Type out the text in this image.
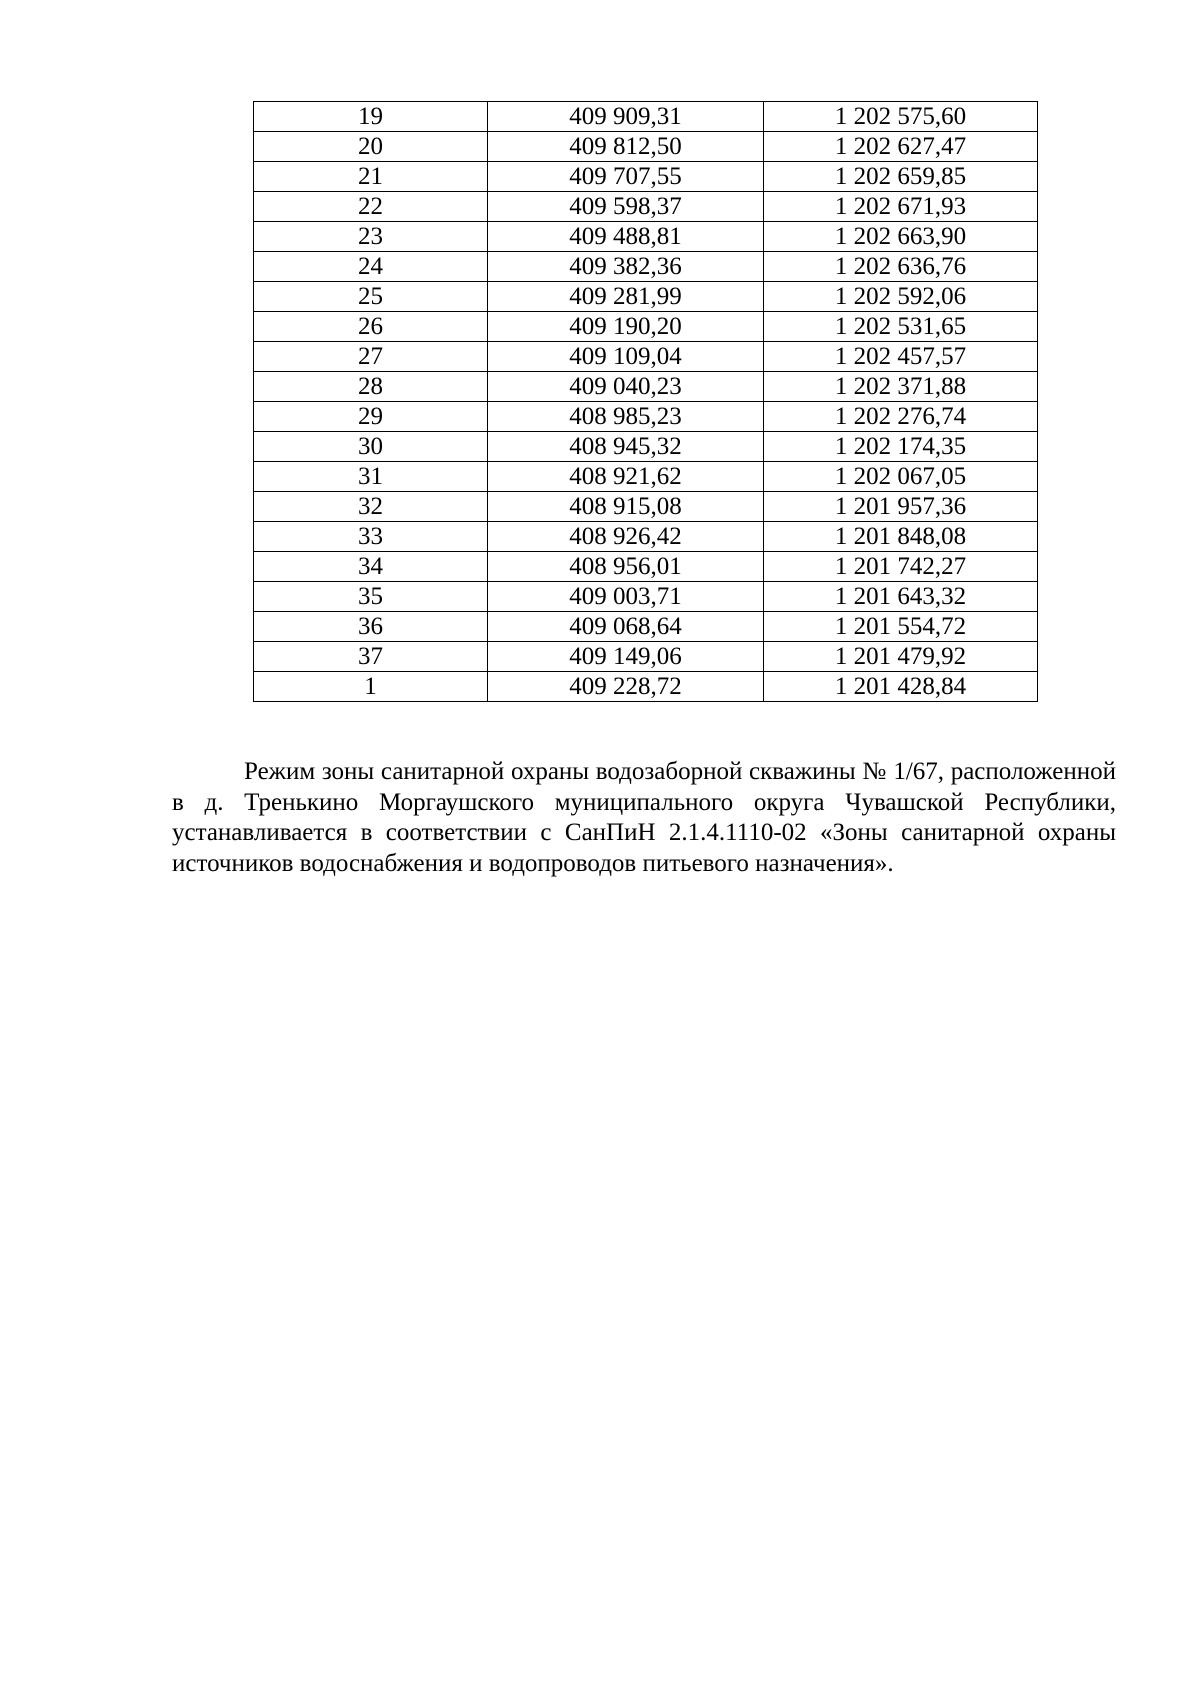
19	409 909,31	1 202 575,60
20	409 812,50	1 202 627,47
21	409 707,55	1 202 659,85
22	409 598,37	1 202 671,93
23	409 488,81	1 202 663,90
24	409 382,36	1 202 636,76
25	409 281,99	1 202 592,06
26	409 190,20	1 202 531,65
27	409 109,04	1 202 457,57
28	409 040,23	1 202 371,88
29	408 985,23	1 202 276,74
30	408 945,32	1 202 174,35
31	408 921,62	1 202 067,05
32	408 915,08	1 201 957,36
33	408 926,42	1 201 848,08
34	408 956,01	1 201 742,27
35	409 003,71	1 201 643,32
36	409 068,64	1 201 554,72
37	409 149,06	1 201 479,92
1	409 228,72	1 201 428,84

Режим зоны санитарной охраны водозаборной скважины № 1/67, расположенной в д. Тренькино Моргаушского муниципального округа Чувашской Республики, устанавливается в соответствии с СанПиН 2.1.4.1110-02 «Зоны санитарной охраны источников водоснабжения и водопроводов питьевого назначения».
